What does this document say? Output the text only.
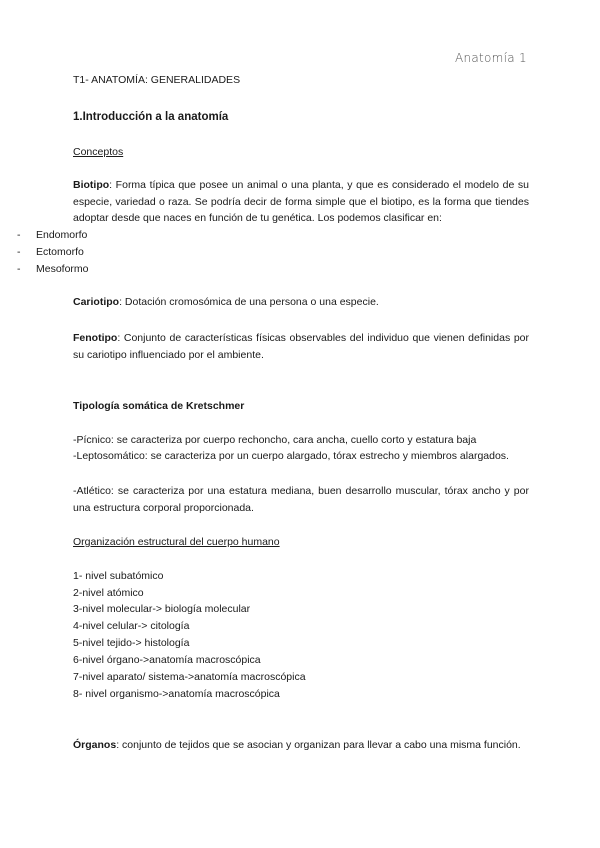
Anatomía 1
T1- ANATOMÍA: GENERALIDADES
1.Introducción a la anatomía
Conceptos
Biotipo: Forma típica que posee un animal o una planta, y que es considerado el modelo de su especie, variedad o raza. Se podría decir de forma simple que el biotipo, es la forma que tiendes adoptar desde que naces en función de tu genética. Los podemos clasificar en:
- Endomorfo
- Ectomorfo
- Mesoformo
Cariotipo: Dotación cromosómica de una persona o una especie.
Fenotipo: Conjunto de características físicas observables del individuo que vienen definidas por su cariotipo influenciado por el ambiente.
Tipología somática de Kretschmer
-Pícnico: se caracteriza por cuerpo rechoncho, cara ancha, cuello corto y estatura baja
-Leptosomático: se caracteriza por un cuerpo alargado, tórax estrecho y miembros alargados.
-Atlético: se caracteriza por una estatura mediana, buen desarrollo muscular, tórax ancho y por una estructura corporal proporcionada.
Organización estructural del cuerpo humano
1- nivel subatómico
2-nivel atómico
3-nivel molecular-> biología molecular
4-nivel celular-> citología
5-nivel tejido-> histología
6-nivel órgano->anatomía macroscópica
7-nivel aparato/ sistema->anatomía macroscópica
8- nivel organismo->anatomía macroscópica
Órganos: conjunto de tejidos que se asocian y organizan para llevar a cabo una misma función.
